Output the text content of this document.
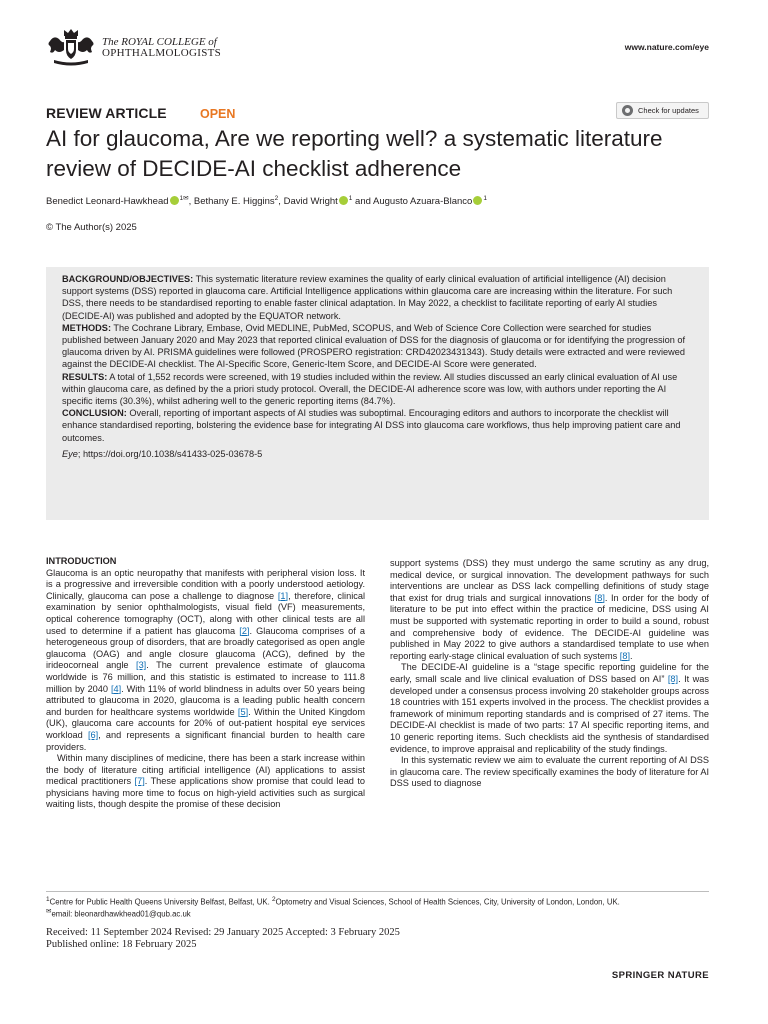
The ROYAL COLLEGE of
OPHTHALMOLOGISTS	www.nature.com/eye
REVIEW ARTICLE	OPEN	Check for updates
AI for glaucoma, Are we reporting well? a systematic literature review of DECIDE-AI checklist adherence
Benedict Leonard-Hawkhead $^{1✉}$, Bethany E. Higgins$^2$, David Wright $^1$ and Augusto Azuara-Blanco $^1$
© The Author(s) 2025

BACKGROUND/OBJECTIVES: This systematic literature review examines the quality of early clinical evaluation of artificial intelligence (AI) decision support systems (DSS) reported in glaucoma care. Artificial Intelligence applications within glaucoma care are increasing within the literature. For such DSS, there needs to be standardised reporting to enable faster clinical adaptation. In May 2022, a checklist to facilitate reporting of early AI studies (DECIDE-AI) was published and adopted by the EQUATOR network.

METHODS: The Cochrane Library, Embase, Ovid MEDLINE, PubMed, SCOPUS, and Web of Science Core Collection were searched for studies published between January 2020 and May 2023 that reported clinical evaluation of DSS for the diagnosis of glaucoma or for identifying the progression of glaucoma driven by AI. PRISMA guidelines were followed (PROSPERO registration: CRD42023431343). Study details were extracted and were reviewed against the DECIDE-AI checklist. The AI-Specific Score, Generic-Item Score, and DECIDE-AI Score were generated.

RESULTS: A total of 1,552 records were screened, with 19 studies included within the review. All studies discussed an early clinical evaluation of AI use within glaucoma care, as defined by the a priori study protocol. Overall, the DECIDE-AI adherence score was low, with authors under reporting the AI specific items (30.3%), whilst adhering well to the generic reporting items (84.7%).

CONCLUSION: Overall, reporting of important aspects of AI studies was suboptimal. Encouraging editors and authors to incorporate the checklist will enhance standardised reporting, bolstering the evidence base for integrating AI DSS into glaucoma care workflows, thus help improving patient care and outcomes.

Eye; https://doi.org/10.1038/s41433-025-03678-5

INTRODUCTION

Glaucoma is an optic neuropathy that manifests with peripheral vision loss. It is a progressive and irreversible condition with a poorly understood aetiology. Clinically, glaucoma can pose a challenge to diagnose [1], therefore, clinical examination by senior ophthalmologists, visual field (VF) measurements, optical coherence tomography (OCT), along with other clinical tests are all used to determine if a patient has glaucoma [2]. Glaucoma comprises of a heterogeneous group of disorders, that are broadly categorised as open angle glaucoma (OAG) and angle closure glaucoma (ACG), defined by the irideocorneal angle [3]. The current prevalence estimate of glaucoma worldwide is 76 million, and this statistic is estimated to increase to 111.8 million by 2040 [4]. With 11% of world blindness in adults over 50 years being attributed to glaucoma in 2020, glaucoma is a leading public health concern and burden for healthcare systems worldwide [5]. Within the United Kingdom (UK), glaucoma care accounts for 20% of out-patient hospital eye services workload [6], and represents a significant financial burden to health care providers.

Within many disciplines of medicine, there has been a stark increase within the body of literature citing artificial intelligence (AI) applications to assist medical practitioners [7]. These applications show promise that could lead to physicians having more time to focus on high-yield activities such as surgical waiting lists, though despite the promise of these decision

support systems (DSS) they must undergo the same scrutiny as any drug, medical device, or surgical innovation. The development pathways for such interventions are unclear as DSS lack compelling definitions of study stage that exist for drug trials and surgical innovations [8]. In order for the body of literature to be put into effect within the practice of medicine, DSS using AI must be supported with systematic reporting in order to build a sound, robust and comprehensive body of evidence. The DECIDE-AI guideline was published in May 2022 to give authors a standardised template to use when reporting early-stage clinical evaluation of such systems [8].

The DECIDE-AI guideline is a “stage specific reporting guideline for the early, small scale and live clinical evaluation of DSS based on AI” [8]. It was developed under a consensus process involving 20 stakeholder groups across 18 countries with 151 experts involved in the process. The checklist provides a framework of minimum reporting standards and is comprised of 27 items. The DECIDE-AI checklist is made of two parts: 17 AI specific reporting items, and 10 generic reporting items. Such checklists aid the synthesis of standardised evidence, to improve appraisal and replicability of the study findings.

In this systematic review we aim to evaluate the current reporting of AI DSS in glaucoma care. The review specifically examines the body of literature for AI DSS used to diagnose

$^1$Centre for Public Health Queens University Belfast, Belfast, UK. $^2$Optometry and Visual Sciences, School of Health Sciences, City, University of London, London, UK.
✉email: bleonardhawkhead01@qub.ac.uk
Received: 11 September 2024 Revised: 29 January 2025 Accepted: 3 February 2025
Published online: 18 February 2025
SPRINGER NATURE
